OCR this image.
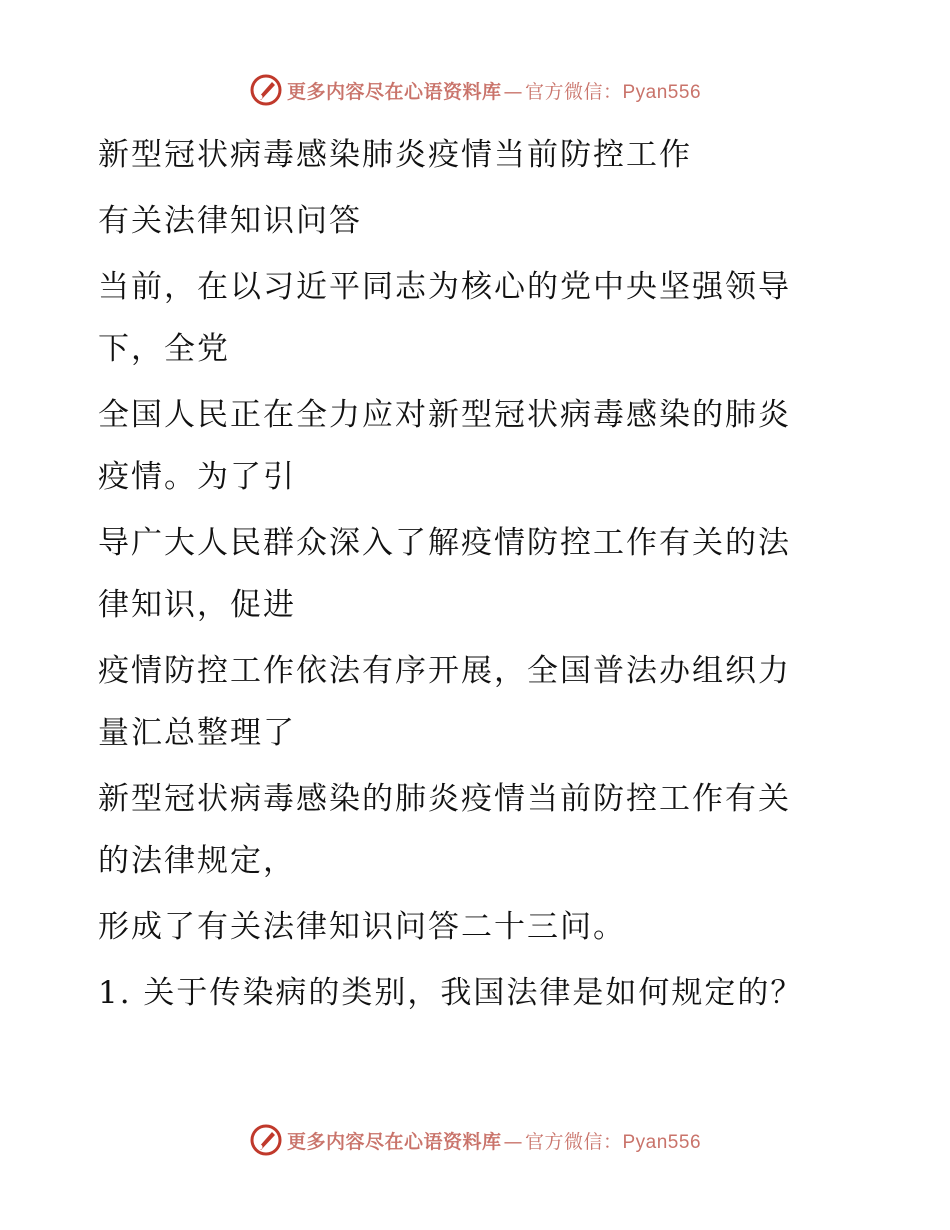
更多内容尽在心语资料库 — 官方微信：Pyan556

新型冠状病毒感染肺炎疫情当前防控工作

有关法律知识问答

当前，在以习近平同志为核心的党中央坚强领导

下，全党

全国人民正在全力应对新型冠状病毒感染的肺炎

疫情。为了引

导广大人民群众深入了解疫情防控工作有关的法

律知识，促进

疫情防控工作依法有序开展，全国普法办组织力

量汇总整理了

新型冠状病毒感染的肺炎疫情当前防控工作有关

的法律规定，

形成了有关法律知识问答二十三问。

1. 关于传染病的类别，我国法律是如何规定的？

更多内容尽在心语资料库 — 官方微信：Pyan556
